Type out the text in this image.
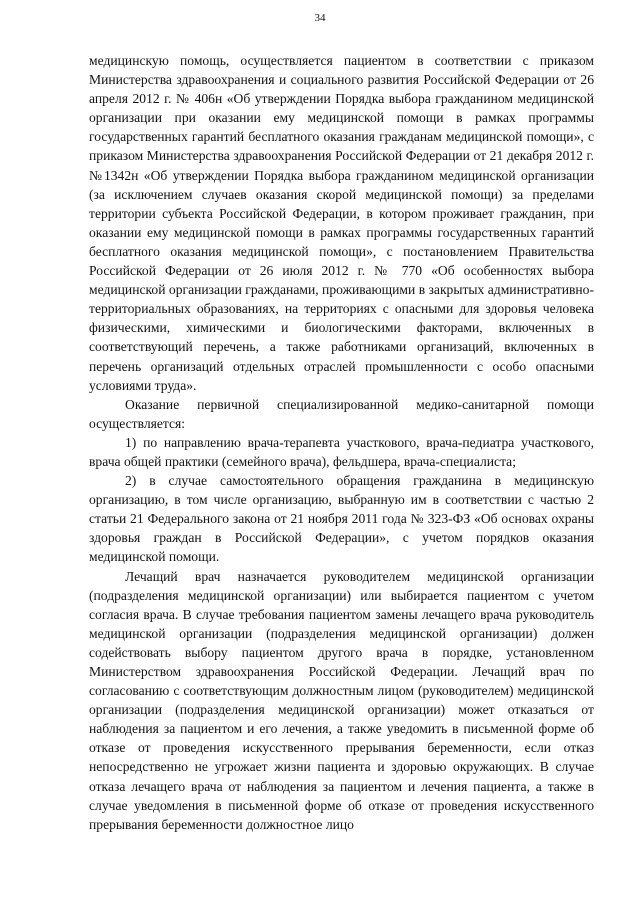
34

медицинскую помощь, осуществляется пациентом в соответствии с приказом Министерства здравоохранения и социального развития Российской Федерации от 26 апреля 2012 г. № 406н «Об утверждении Порядка выбора гражданином медицинской организации при оказании ему медицинской помощи в рамках программы государственных гарантий бесплатного оказания гражданам медицинской помощи», с приказом Министерства здравоохранения Российской Федерации от 21 декабря 2012 г. №1342н «Об утверждении Порядка выбора гражданином медицинской организации (за исключением случаев оказания скорой медицинской помощи) за пределами территории субъекта Российской Федерации, в котором проживает гражданин, при оказании ему медицинской помощи в рамках программы государственных гарантий бесплатного оказания медицинской помощи», с постановлением Правительства Российской Федерации от 26 июля 2012 г. № 770 «Об особенностях выбора медицинской организации гражданами, проживающими в закрытых административно-территориальных образованиях, на территориях с опасными для здоровья человека физическими, химическими и биологическими факторами, включенных в соответствующий перечень, а также работниками организаций, включенных в перечень организаций отдельных отраслей промышленности с особо опасными условиями труда».

Оказание первичной специализированной медико-санитарной помощи осуществляется:

1) по направлению врача-терапевта участкового, врача-педиатра участкового, врача общей практики (семейного врача), фельдшера, врача-специалиста;

2) в случае самостоятельного обращения гражданина в медицинскую организацию, в том числе организацию, выбранную им в соответствии с частью 2 статьи 21 Федерального закона от 21 ноября 2011 года № 323-ФЗ «Об основах охраны здоровья граждан в Российской Федерации», с учетом порядков оказания медицинской помощи.

Лечащий врач назначается руководителем медицинской организации (подразделения медицинской организации) или выбирается пациентом с учетом согласия врача. В случае требования пациентом замены лечащего врача руководитель медицинской организации (подразделения медицинской организации) должен содействовать выбору пациентом другого врача в порядке, установленном Министерством здравоохранения Российской Федерации. Лечащий врач по согласованию с соответствующим должностным лицом (руководителем) медицинской организации (подразделения медицинской организации) может отказаться от наблюдения за пациентом и его лечения, а также уведомить в письменной форме об отказе от проведения искусственного прерывания беременности, если отказ непосредственно не угрожает жизни пациента и здоровью окружающих. В случае отказа лечащего врача от наблюдения за пациентом и лечения пациента, а также в случае уведомления в письменной форме об отказе от проведения искусственного прерывания беременности должностное лицо
